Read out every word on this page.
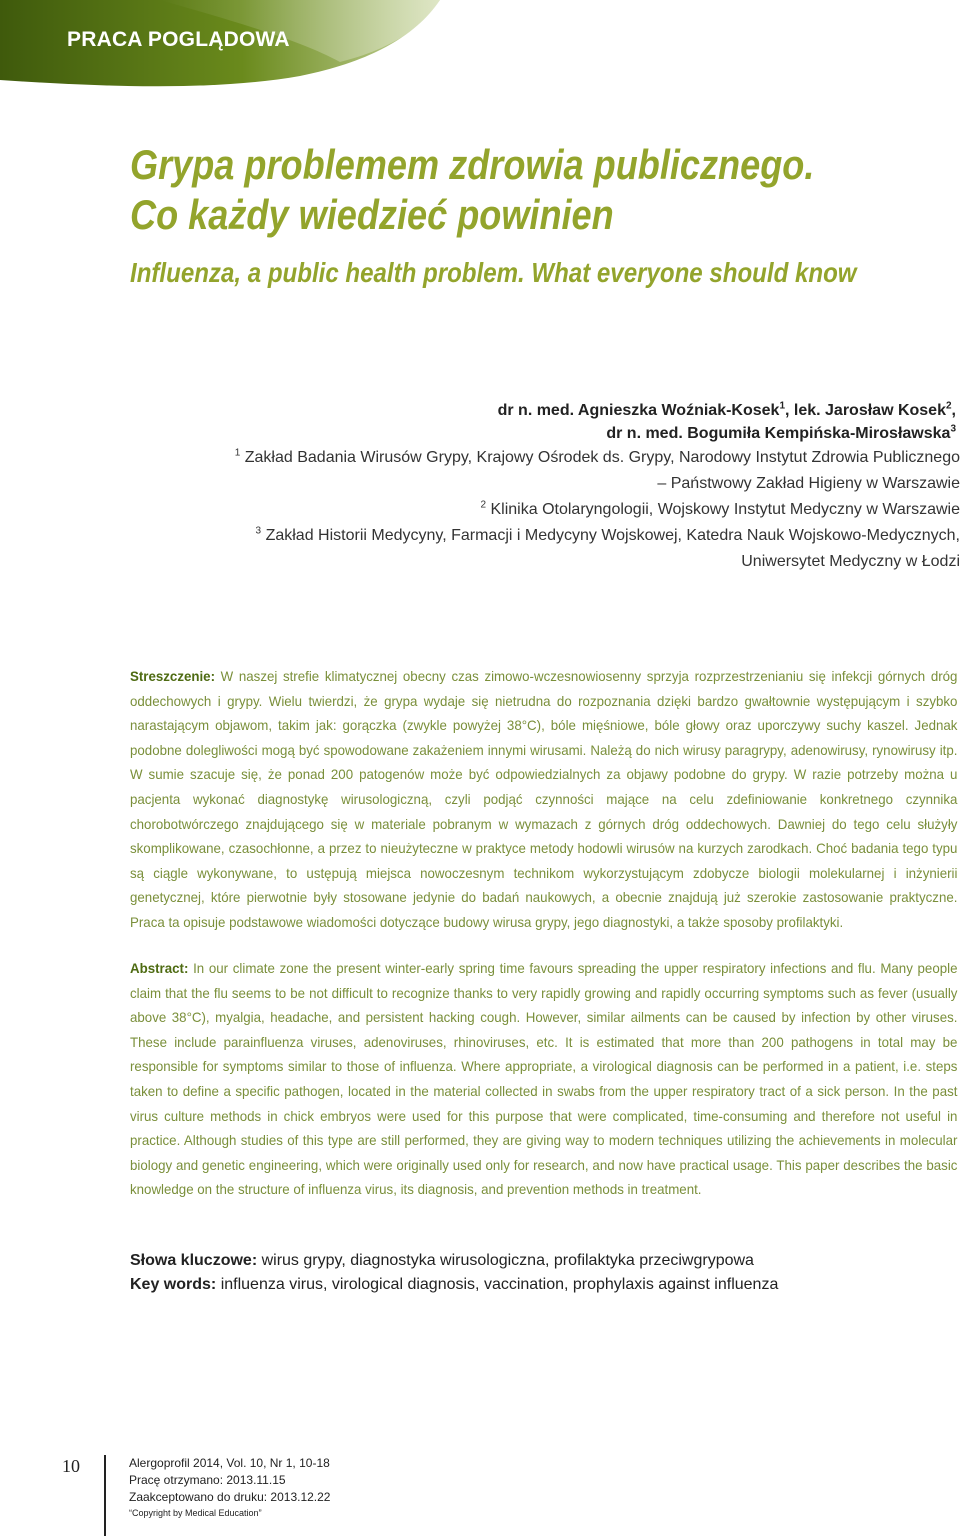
PRACA POGLĄDOWA
Grypa problemem zdrowia publicznego.
Co każdy wiedzieć powinien
Influenza, a public health problem. What everyone should know
dr n. med. Agnieszka Woźniak-Kosek$^1$, lek. Jarosław Kosek$^2$,
dr n. med. Bogumiła Kempińska-Mirosławska$^3$
$^1$ Zakład Badania Wirusów Grypy, Krajowy Ośrodek ds. Grypy, Narodowy Instytut Zdrowia Publicznego
– Państwowy Zakład Higieny w Warszawie
$^2$ Klinika Otolaryngologii, Wojskowy Instytut Medyczny w Warszawie
$^3$ Zakład Historii Medycyny, Farmacji i Medycyny Wojskowej, Katedra Nauk Wojskowo-Medycznych,
Uniwersytet Medyczny w Łodzi
Streszczenie: W naszej strefie klimatycznej obecny czas zimowo-wczesnowiosenny sprzyja rozprzestrzenianiu się infekcji górnych dróg oddechowych i grypy. Wielu twierdzi, że grypa wydaje się nietrudna do rozpoznania dzięki bardzo gwałtownie występującym i szybko narastającym objawom, takim jak: gorączka (zwykle powyżej 38°C), bóle mięśniowe, bóle głowy oraz uporczywy suchy kaszel. Jednak podobne dolegliwości mogą być spowodowane zakażeniem innymi wirusami. Należą do nich wirusy paragrypy, adenowirusy, rynowirusy itp. W sumie szacuje się, że ponad 200 patogenów może być odpowiedzialnych za objawy podobne do grypy. W razie potrzeby można u pacjenta wykonać diagnostykę wirusologiczną, czyli podjąć czynności mające na celu zdefiniowanie konkretnego czynnika chorobotwórczego znajdującego się w materiale pobranym w wymazach z górnych dróg oddechowych. Dawniej do tego celu służyły skomplikowane, czasochłonne, a przez to nieużyteczne w praktyce metody hodowli wirusów na kurzych zarodkach. Choć badania tego typu są ciągle wykonywane, to ustępują miejsca nowoczesnym technikom wykorzystującym zdobycze biologii molekularnej i inżynierii genetycznej, które pierwotnie były stosowane jedynie do badań naukowych, a obecnie znajdują już szerokie zastosowanie praktyczne. Praca ta opisuje podstawowe wiadomości dotyczące budowy wirusa grypy, jego diagnostyki, a także sposoby profilaktyki.
Abstract: In our climate zone the present winter-early spring time favours spreading the upper respiratory infections and flu. Many people claim that the flu seems to be not difficult to recognize thanks to very rapidly growing and rapidly occurring symptoms such as fever (usually above 38°C), myalgia, headache, and persistent hacking cough. However, similar ailments can be caused by infection by other viruses. These include parainfluenza viruses, adenoviruses, rhinoviruses, etc. It is estimated that more than 200 pathogens in total may be responsible for symptoms similar to those of influenza. Where appropriate, a virological diagnosis can be performed in a patient, i.e. steps taken to define a specific pathogen, located in the material collected in swabs from the upper respiratory tract of a sick person. In the past virus culture methods in chick embryos were used for this purpose that were complicated, time-consuming and therefore not useful in practice. Although studies of this type are still performed, they are giving way to modern techniques utilizing the achievements in molecular biology and genetic engineering, which were originally used only for research, and now have practical usage. This paper describes the basic knowledge on the structure of influenza virus, its diagnosis, and prevention methods in treatment.
Słowa kluczowe: wirus grypy, diagnostyka wirusologiczna, profilaktyka przeciwgrypowa
Key words: influenza virus, virological diagnosis, vaccination, prophylaxis against influenza
10	Alergoprofil 2014, Vol. 10, Nr 1, 10-18
Pracę otrzymano: 2013.11.15
Zaakceptowano do druku: 2013.12.22
“Copyright by Medical Education”
